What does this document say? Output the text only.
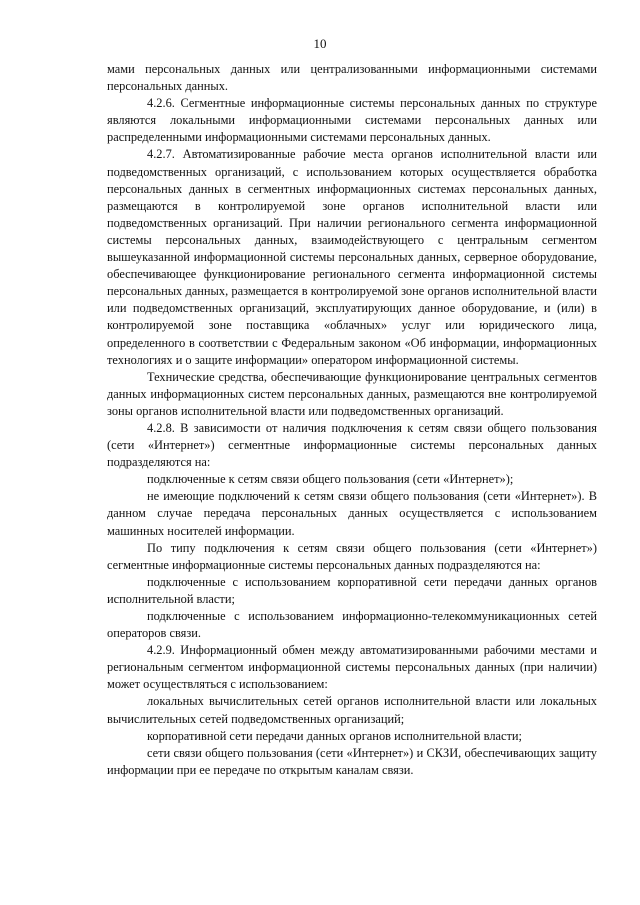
10

мами персональных данных или централизованными информационными системами персональных данных.

4.2.6. Сегментные информационные системы персональных данных по структуре являются локальными информационными системами персональных данных или распределенными информационными системами персональных данных.

4.2.7. Автоматизированные рабочие места органов исполнительной власти или подведомственных организаций, с использованием которых осуществляется обработка персональных данных в сегментных информационных системах персональных данных, размещаются в контролируемой зоне органов исполнительной власти или подведомственных организаций. При наличии регионального сегмента информационной системы персональных данных, взаимодействующего с центральным сегментом вышеуказанной информационной системы персональных данных, серверное оборудование, обеспечивающее функционирование регионального сегмента информационной системы персональных данных, размещается в контролируемой зоне органов исполнительной власти или подведомственных организаций, эксплуатирующих данное оборудование, и (или) в контролируемой зоне поставщика «облачных» услуг или юридического лица, определенного в соответствии с Федеральным законом «Об информации, информационных технологиях и о защите информации» оператором информационной системы.

Технические средства, обеспечивающие функционирование центральных сегментов данных информационных систем персональных данных, размещаются вне контролируемой зоны органов исполнительной власти или подведомственных организаций.

4.2.8. В зависимости от наличия подключения к сетям связи общего пользования (сети «Интернет») сегментные информационные системы персональных данных подразделяются на:

подключенные к сетям связи общего пользования (сети «Интернет»);

не имеющие подключений к сетям связи общего пользования (сети «Интернет»). В данном случае передача персональных данных осуществляется с использованием машинных носителей информации.

По типу подключения к сетям связи общего пользования (сети «Интернет») сегментные информационные системы персональных данных подразделяются на:

подключенные с использованием корпоративной сети передачи данных органов исполнительной власти;

подключенные с использованием информационно-телекоммуникационных сетей операторов связи.

4.2.9. Информационный обмен между автоматизированными рабочими местами и региональным сегментом информационной системы персональных данных (при наличии) может осуществляться с использованием:

локальных вычислительных сетей органов исполнительной власти или локальных вычислительных сетей подведомственных организаций;

корпоративной сети передачи данных органов исполнительной власти;

сети связи общего пользования (сети «Интернет») и СКЗИ, обеспечивающих защиту информации при ее передаче по открытым каналам связи.
